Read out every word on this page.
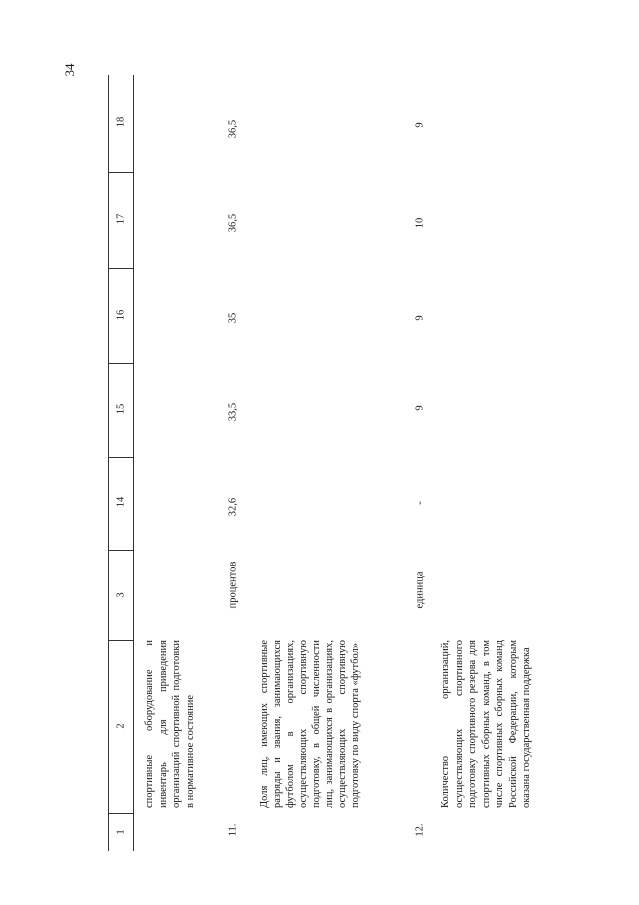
34
18
17
16
15
14
3
2
1
спортивные оборудование и инвентарь для приведения организаций спортивной подготовки в нормативное состояние
11.
Доля лиц, имеющих спортивные разряды и звания, занимающихся футболом в организациях, осуществляющих спортивную подготовку, в общей численности лиц, занимающихся в организациях, осуществляющих спортивную подготовку по виду спорта «футбол»
процентов
32,6
33,5
35
36,5
36,5
12.
Количество организаций, осуществляющих спортивного подготовку спортивного резерва для спортивных сборных команд, в том числе спортивных сборных команд Российской Федерации, которым оказана государственная поддержка
единица
-
9
9
10
9
